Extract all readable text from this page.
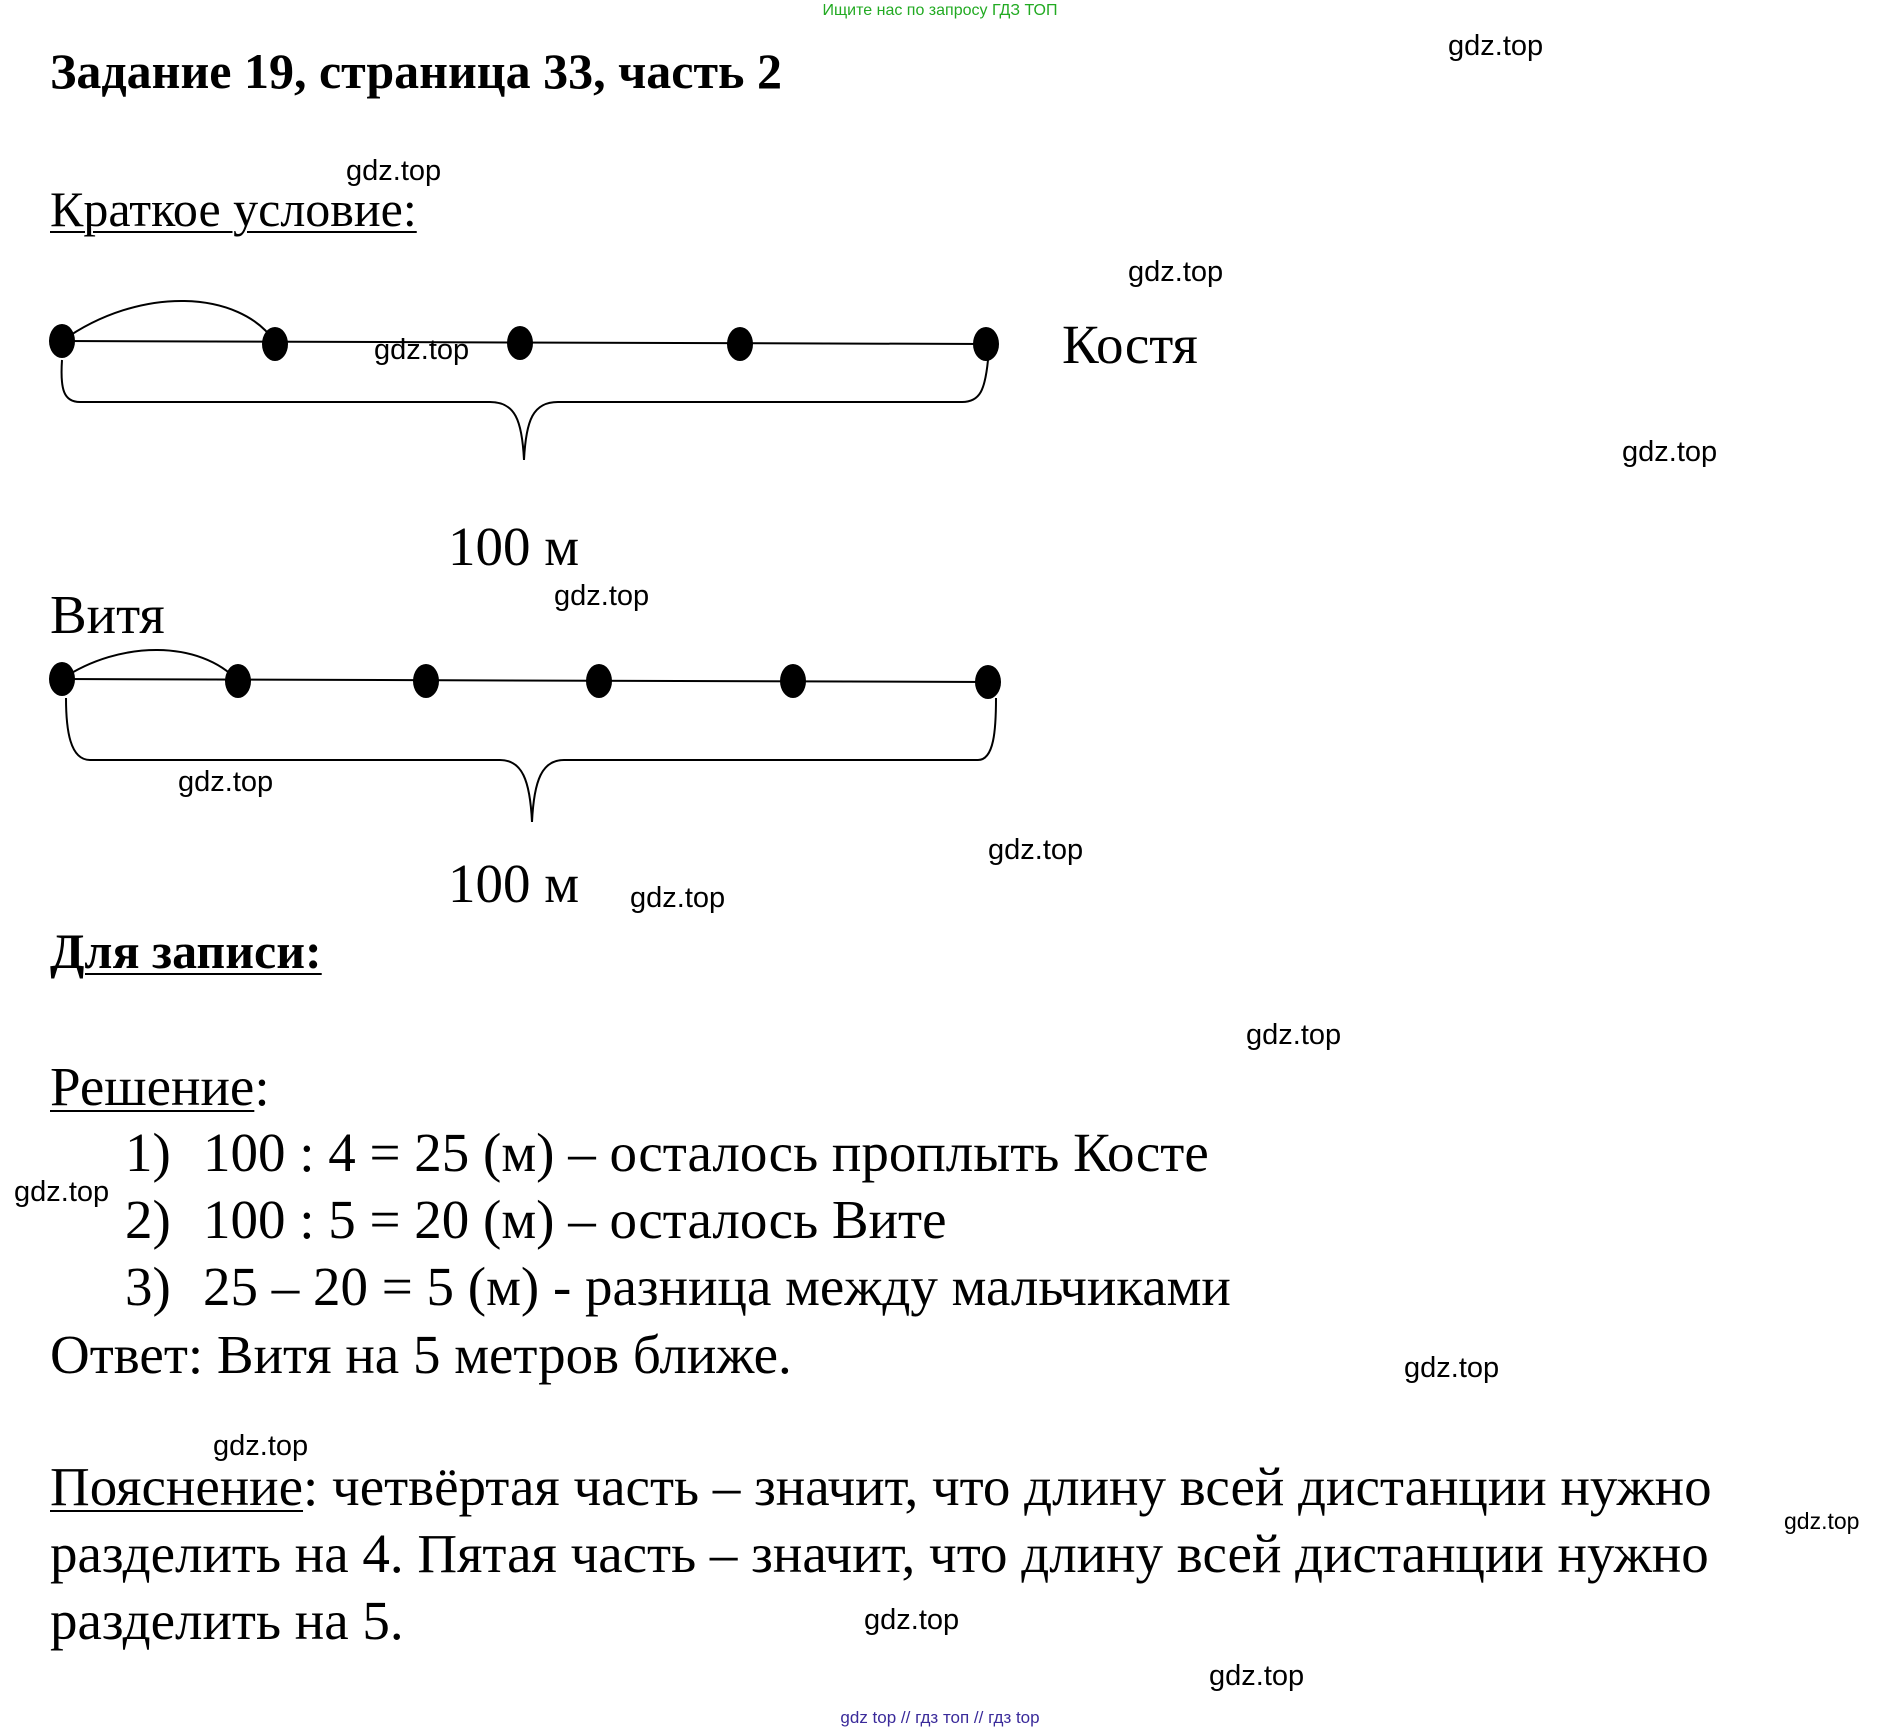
Ищите нас по запросу ГДЗ ТОП
Задание 19, страница 33, часть 2
Краткое условие:
Костя
100 м
Витя
100 м
Для записи:
Решение:
1) 100 : 4 = 25 (м) – осталось проплыть Косте
2) 100 : 5 = 20 (м) – осталось Вите
3) 25 – 20 = 5 (м) - разница между мальчиками
Ответ: Витя на 5 метров ближе.
Пояснение: четвёртая часть – значит, что длину всей дистанции нужно
разделить на 4. Пятая часть – значит, что длину всей дистанции нужно
разделить на 5.
gdz.top
gdz.top
gdz.top
gdz.top
gdz.top
gdz.top
gdz.top
gdz.top
gdz.top
gdz.top
gdz.top
gdz.top
gdz.top
gdz.top
gdz.top
gdz.top
gdz top // гдз топ // гдз top
